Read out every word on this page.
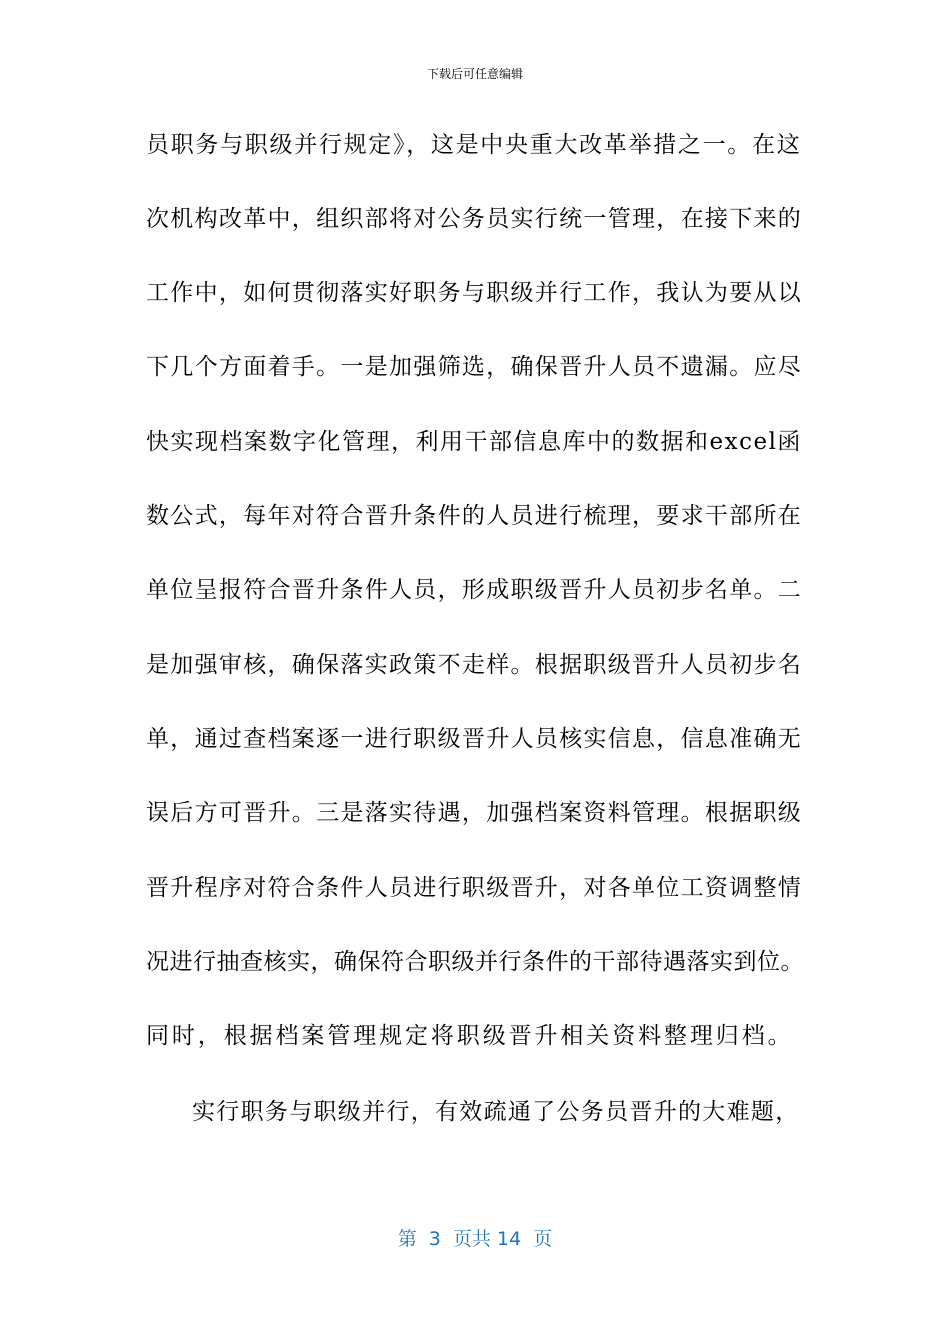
下载后可任意编辑
员职务与职级并行规定》，这是中央重大改革举措之一。在这
次机构改革中，组织部将对公务员实行统一管理，在接下来的
工作中，如何贯彻落实好职务与职级并行工作，我认为要从以
下几个方面着手。一是加强筛选，确保晋升人员不遗漏。应尽
快实现档案数字化管理，利用干部信息库中的数据和excel函
数公式，每年对符合晋升条件的人员进行梳理，要求干部所在
单位呈报符合晋升条件人员，形成职级晋升人员初步名单。二
是加强审核，确保落实政策不走样。根据职级晋升人员初步名
单，通过查档案逐一进行职级晋升人员核实信息，信息准确无
误后方可晋升。三是落实待遇，加强档案资料管理。根据职级
晋升程序对符合条件人员进行职级晋升，对各单位工资调整情
况进行抽查核实，确保符合职级并行条件的干部待遇落实到位。
同时，根据档案管理规定将职级晋升相关资料整理归档。
实行职务与职级并行，有效疏通了公务员晋升的大难题，
第  3  页共 14  页
